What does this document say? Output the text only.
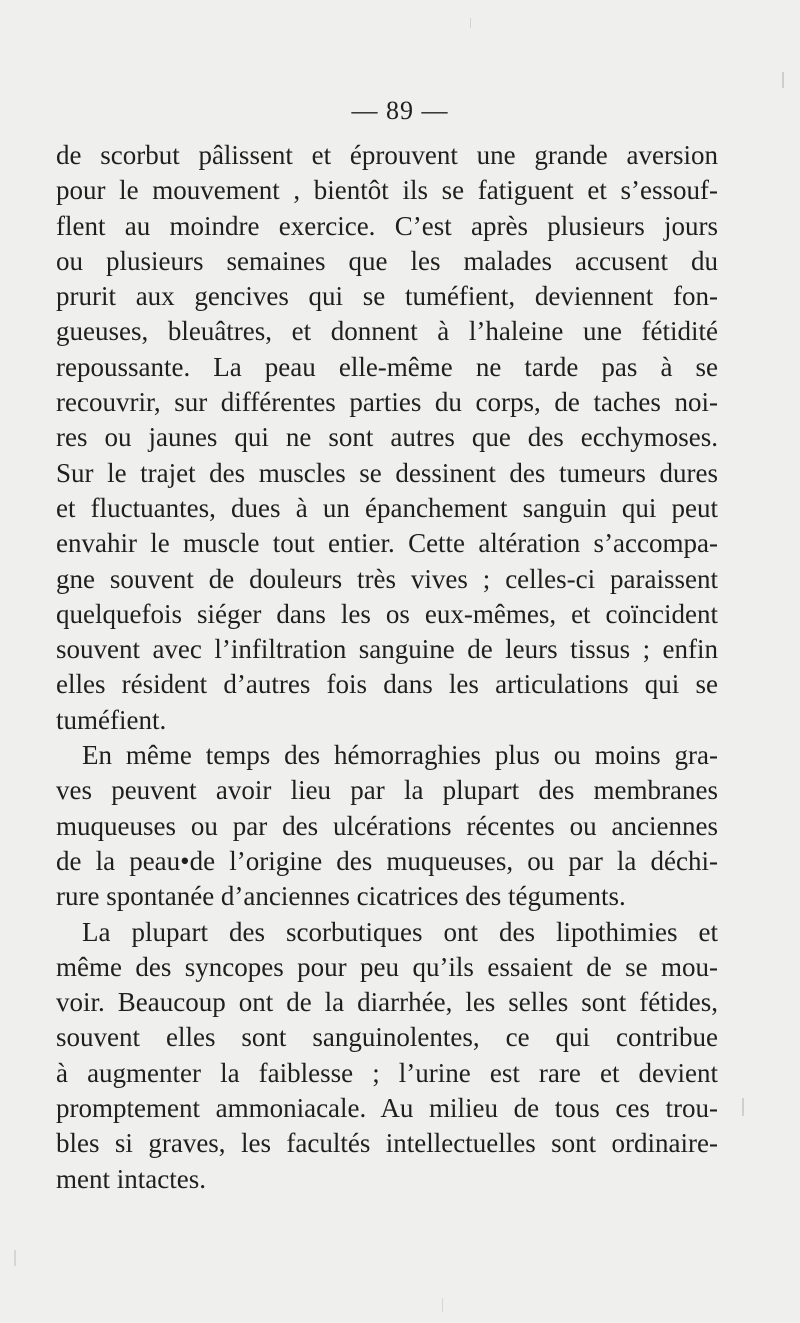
— 89 —
de scorbut pâlissent et éprouvent une grande aversion
pour le mouvement , bientôt ils se fatiguent et s’essouf-
flent au moindre exercice. C’est après plusieurs jours
ou plusieurs semaines que les malades accusent du
prurit aux gencives qui se tuméfient, deviennent fon-
gueuses, bleuâtres, et donnent à l’haleine une fétidité
repoussante. La peau elle-même ne tarde pas à se
recouvrir, sur différentes parties du corps, de taches noi-
res ou jaunes qui ne sont autres que des ecchymoses.
Sur le trajet des muscles se dessinent des tumeurs dures
et fluctuantes, dues à un épanchement sanguin qui peut
envahir le muscle tout entier. Cette altération s’accompa-
gne souvent de douleurs très vives ; celles-ci paraissent
quelquefois siéger dans les os eux-mêmes, et coïncident
souvent avec l’infiltration sanguine de leurs tissus ; enfin
elles résident d’autres fois dans les articulations qui se
tuméfient.
En même temps des hémorraghies plus ou moins gra-
ves peuvent avoir lieu par la plupart des membranes
muqueuses ou par des ulcérations récentes ou anciennes
de la peau•de l’origine des muqueuses, ou par la déchi-
rure spontanée d’anciennes cicatrices des téguments.
La plupart des scorbutiques ont des lipothimies et
même des syncopes pour peu qu’ils essaient de se mou-
voir. Beaucoup ont de la diarrhée, les selles sont fétides,
souvent elles sont sanguinolentes, ce qui contribue
à augmenter la faiblesse ; l’urine est rare et devient
promptement ammoniacale. Au milieu de tous ces trou-
bles si graves, les facultés intellectuelles sont ordinaire-
ment intactes.
